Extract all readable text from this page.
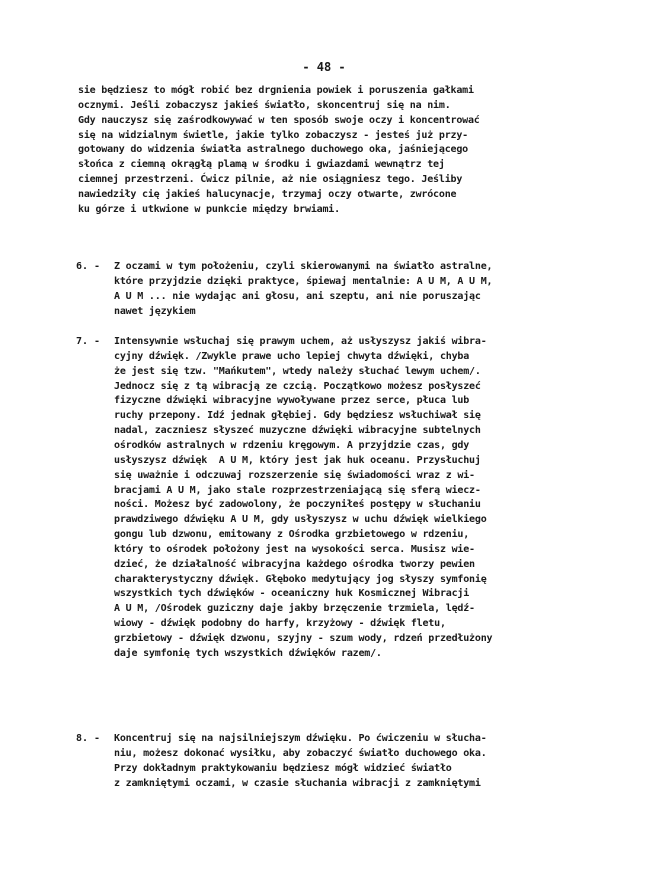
- 48 -
sie będziesz to mógł robić bez drgnienia powiek i poruszenia gałkami
ocznymi. Jeśli zobaczysz jakieś światło, skoncentruj się na nim.
Gdy nauczysz się zaśrodkowywać w ten sposób swoje oczy i koncentrować
się na widzialnym świetle, jakie tylko zobaczysz - jesteś już przy-
gotowany do widzenia światła astralnego duchowego oka, jaśniejącego
słońca z ciemną okrągłą plamą w środku i gwiazdami wewnątrz tej
ciemnej przestrzeni. Ćwicz pilnie, aż nie osiągniesz tego. Jeśliby
nawiedziły cię jakieś halucynacje, trzymaj oczy otwarte, zwrócone
ku górze i utkwione w punkcie między brwiami.
6. - Z oczami w tym położeniu, czyli skierowanymi na światło astralne,
które przyjdzie dzięki praktyce, śpiewaj mentalnie: A U M, A U M,
A U M ... nie wydając ani głosu, ani szeptu, ani nie poruszając
nawet językiem
7. - Intensywnie wsłuchaj się prawym uchem, aż usłyszysz jakiś wibra-
cyjny dźwięk. /Zwykle prawe ucho lepiej chwyta dźwięki, chyba
że jest się tzw. "Mańkutem", wtedy należy słuchać lewym uchem/.
Jednocz się z tą wibracją ze czcią. Początkowo możesz posłyszeć
fizyczne dźwięki wibracyjne wywoływane przez serce, płuca lub
ruchy przepony. Idź jednak głębiej. Gdy będziesz wsłuchiwał się
nadal, zaczniesz słyszeć muzyczne dźwięki wibracyjne subtelnych
ośrodków astralnych w rdzeniu kręgowym. A przyjdzie czas, gdy
usłyszysz dźwięk  A U M, który jest jak huk oceanu. Przysłuchuj
się uważnie i odczuwaj rozszerzenie się świadomości wraz z wi-
bracjami A U M, jako stale rozprzestrzeniającą się sferą wiecz-
ności. Możesz być zadowolony, że poczyniłeś postępy w słuchaniu
prawdziwego dźwięku A U M, gdy usłyszysz w uchu dźwięk wielkiego
gongu lub dzwonu, emitowany z Ośrodka grzbietowego w rdzeniu,
który to ośrodek położony jest na wysokości serca. Musisz wie-
dzieć, że działalność wibracyjna każdego ośrodka tworzy pewien
charakterystyczny dźwięk. Głęboko medytujący jog słyszy symfonię
wszystkich tych dźwięków - oceaniczny huk Kosmicznej Wibracji
A U M, /Ośrodek guziczny daje jakby brzęczenie trzmiela, lędź-
wiowy - dźwięk podobny do harfy, krzyżowy - dźwięk fletu,
grzbietowy - dźwięk dzwonu, szyjny - szum wody, rdzeń przedłużony
daje symfonię tych wszystkich dźwięków razem/.
8. - Koncentruj się na najsilniejszym dźwięku. Po ćwiczeniu w słucha-
niu, możesz dokonać wysiłku, aby zobaczyć światło duchowego oka.
Przy dokładnym praktykowaniu będziesz mógł widzieć światło
z zamkniętymi oczami, w czasie słuchania wibracji z zamkniętymi
